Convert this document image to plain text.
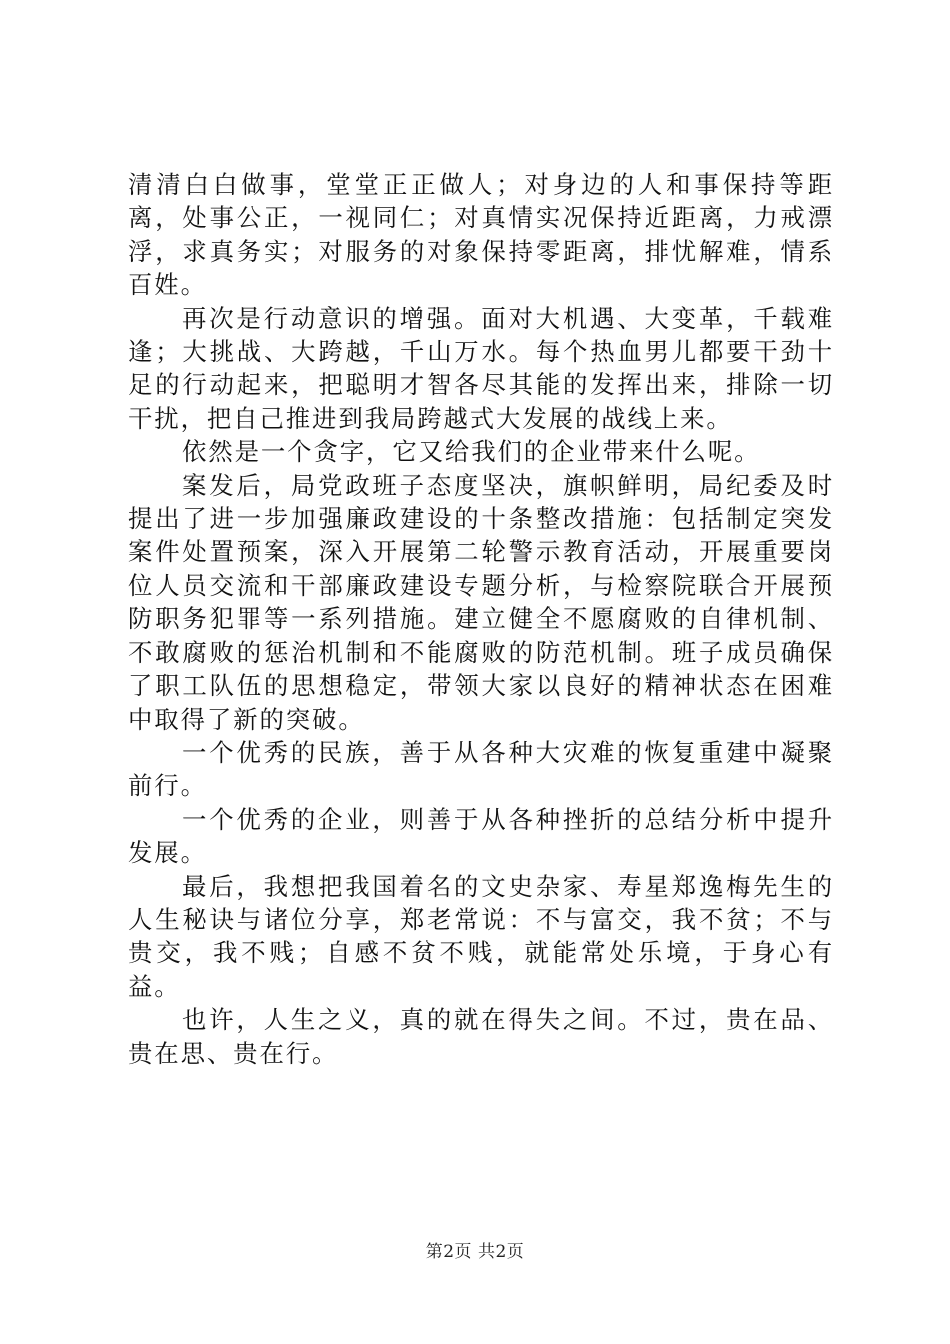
清清白白做事，堂堂正正做人；对身边的人和事保持等距离，处事公正，一视同仁；对真情实况保持近距离，力戒漂浮，求真务实；对服务的对象保持零距离，排忧解难，情系百姓。

再次是行动意识的增强。面对大机遇、大变革，千载难逢；大挑战、大跨越，千山万水。每个热血男儿都要干劲十足的行动起来，把聪明才智各尽其能的发挥出来，排除一切干扰，把自己推进到我局跨越式大发展的战线上来。

依然是一个贪字，它又给我们的企业带来什么呢。

案发后，局党政班子态度坚决，旗帜鲜明，局纪委及时提出了进一步加强廉政建设的十条整改措施：包括制定突发案件处置预案，深入开展第二轮警示教育活动，开展重要岗位人员交流和干部廉政建设专题分析，与检察院联合开展预防职务犯罪等一系列措施。建立健全不愿腐败的自律机制、不敢腐败的惩治机制和不能腐败的防范机制。班子成员确保了职工队伍的思想稳定，带领大家以良好的精神状态在困难中取得了新的突破。

一个优秀的民族，善于从各种大灾难的恢复重建中凝聚前行。

一个优秀的企业，则善于从各种挫折的总结分析中提升发展。

最后，我想把我国着名的文史杂家、寿星郑逸梅先生的人生秘诀与诸位分享，郑老常说：不与富交，我不贫；不与贵交，我不贱；自感不贫不贱，就能常处乐境，于身心有益。

也许，人生之义，真的就在得失之间。不过，贵在品、贵在思、贵在行。

第2页 共2页
